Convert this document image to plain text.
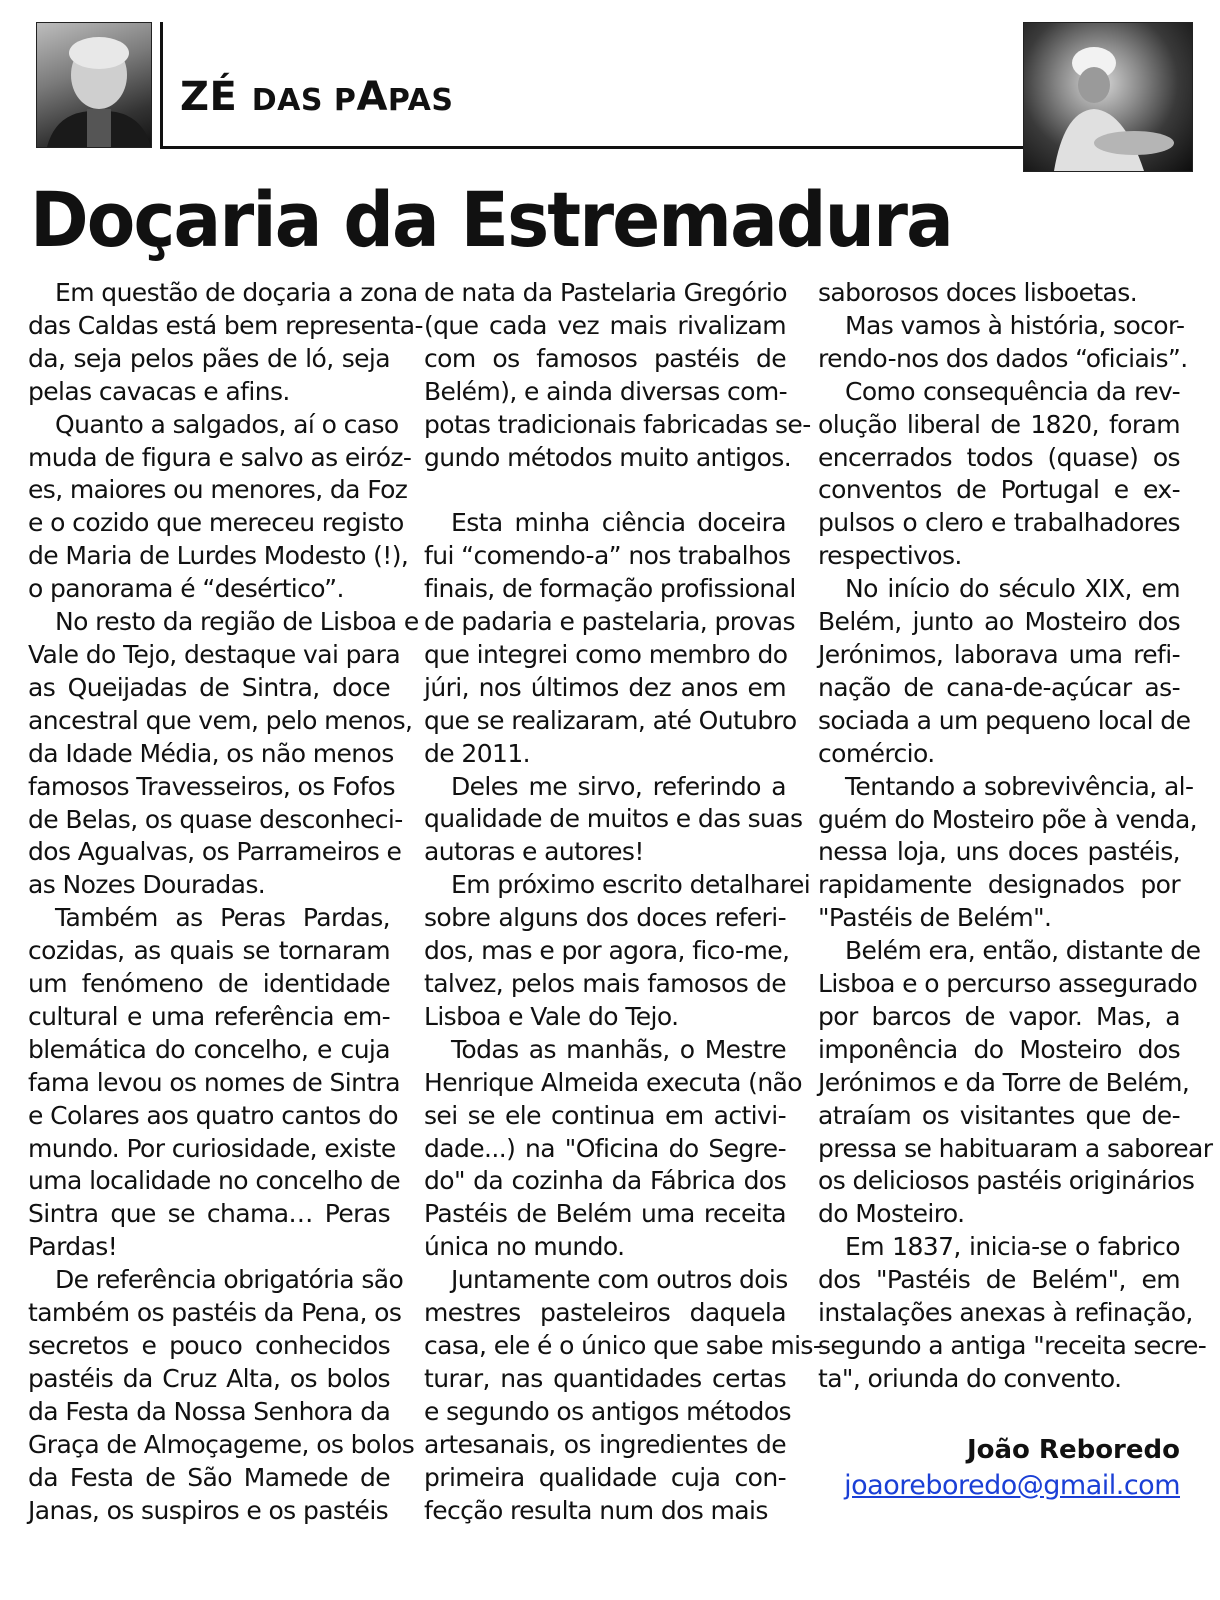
ZÉ DAS PAPAS
Doçaria da Estremadura
Em questão de doçaria a zona
das Caldas está bem representa-
da, seja pelos pães de ló, seja
pelas cavacas e afins.
Quanto a salgados, aí o caso
muda de figura e salvo as eirόz-
es, maiores ou menores, da Foz
e o cozido que mereceu registo
de Maria de Lurdes Modesto (!),
o panorama é “desértico”.
No resto da região de Lisboa e
Vale do Tejo, destaque vai para
as Queijadas de Sintra, doce
ancestral que vem, pelo menos,
da Idade Média, os não menos
famosos Travesseiros, os Fofos
de Belas, os quase desconheci-
dos Agualvas, os Parrameiros e
as Nozes Douradas.
Também as Peras Pardas,
cozidas, as quais se tornaram
um fenómeno de identidade
cultural e uma referência em-
blemática do concelho, e cuja
fama levou os nomes de Sintra
e Colares aos quatro cantos do
mundo. Por curiosidade, existe
uma localidade no concelho de
Sintra que se chama… Peras
Pardas!
De referência obrigatória são
também os pastéis da Pena, os
secretos e pouco conhecidos
pastéis da Cruz Alta, os bolos
da Festa da Nossa Senhora da
Graça de Almoçageme, os bolos
da Festa de São Mamede de
Janas, os suspiros e os pastéis
de nata da Pastelaria Gregório
(que cada vez mais rivalizam
com os famosos pastéis de
Belém), e ainda diversas com-
potas tradicionais fabricadas se-
gundo métodos muito antigos.
Esta minha ciência doceira
fui “comendo-a” nos trabalhos
finais, de formação profissional
de padaria e pastelaria, provas
que integrei como membro do
júri, nos últimos dez anos em
que se realizaram, até Outubro
de 2011.
Deles me sirvo, referindo a
qualidade de muitos e das suas
autoras e autores!
Em próximo escrito detalharei
sobre alguns dos doces referi-
dos, mas e por agora, fico-me,
talvez, pelos mais famosos de
Lisboa e Vale do Tejo.
Todas as manhãs, o Mestre
Henrique Almeida executa (não
sei se ele continua em activi-
dade...) na "Oficina do Segre-
do" da cozinha da Fábrica dos
Pastéis de Belém uma receita
única no mundo.
Juntamente com outros dois
mestres pasteleiros daquela
casa, ele é o único que sabe mis-
turar, nas quantidades certas
e segundo os antigos métodos
artesanais, os ingredientes de
primeira qualidade cuja con-
fecção resulta num dos mais
saborosos doces lisboetas.
Mas vamos à história, socor-
rendo-nos dos dados “oficiais”.
Como consequência da rev-
olução liberal de 1820, foram
encerrados todos (quase) os
conventos de Portugal e ex-
pulsos o clero e trabalhadores
respectivos.
No início do século XIX, em
Belém, junto ao Mosteiro dos
Jerónimos, laborava uma refi-
nação de cana-de-açúcar as-
sociada a um pequeno local de
comércio.
Tentando a sobrevivência, al-
guém do Mosteiro põe à venda,
nessa loja, uns doces pastéis,
rapidamente designados por
"Pastéis de Belém".
Belém era, então, distante de
Lisboa e o percurso assegurado
por barcos de vapor. Mas, a
imponência do Mosteiro dos
Jerónimos e da Torre de Belém,
atraíam os visitantes que de-
pressa se habituaram a saborear
os deliciosos pastéis originários
do Mosteiro.
Em 1837, inicia-se o fabrico
dos "Pastéis de Belém", em
instalações anexas à refinação,
segundo a antiga "receita secre-
ta", oriunda do convento.

João Reboredo

joaoreboredo@gmail.com
